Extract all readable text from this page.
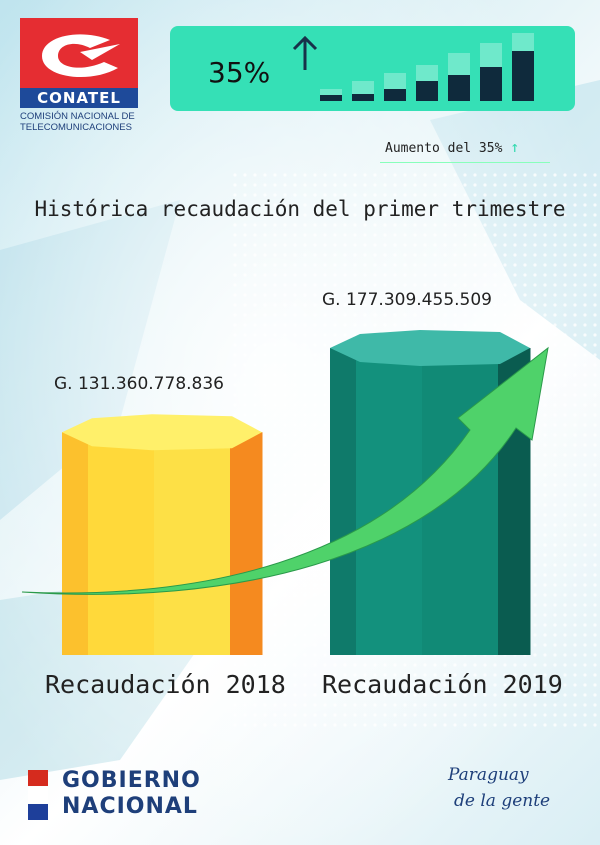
CONATEL
COMISIÓN NACIONAL DE
TELECOMUNICACIONES
35%
Aumento del 35% ↑
Histórica recaudación del primer trimestre
G. 131.360.778.836
G. 177.309.455.509
Recaudación 2018 Recaudación 2019
GOBIERNO
NACIONAL
Paraguay
de la gente
